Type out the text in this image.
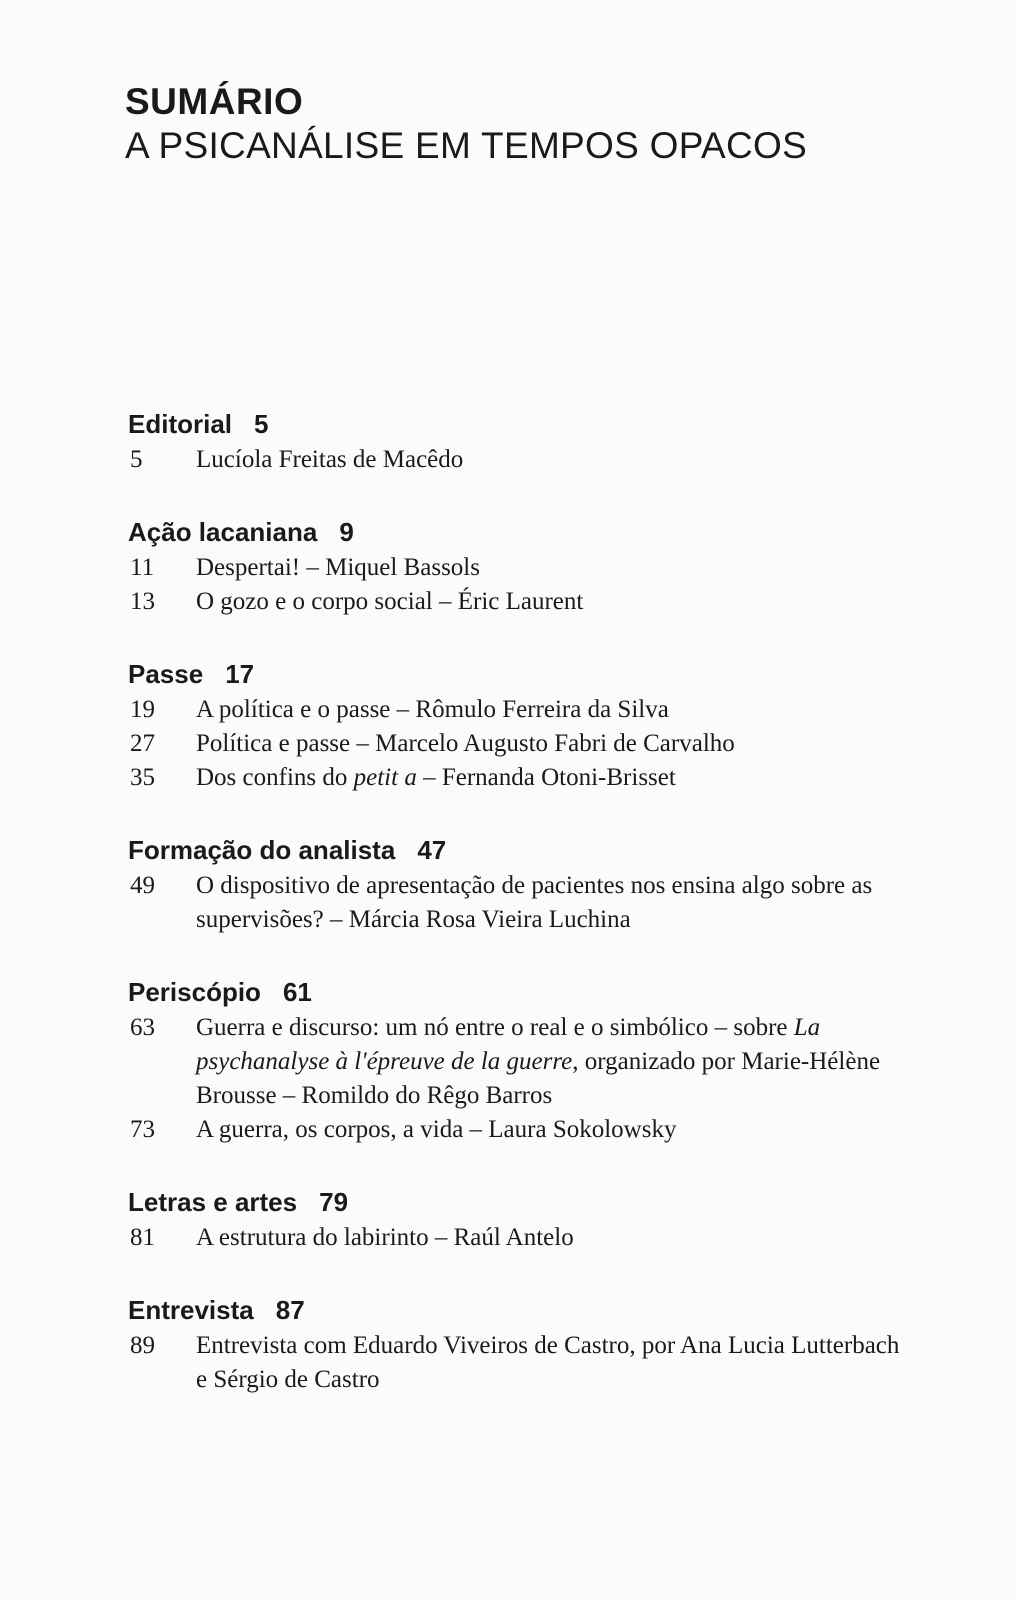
SUMÁRIO
A PSICANÁLISE EM TEMPOS OPACOS
Editorial 5
5	Lucíola Freitas de Macêdo
Ação lacaniana 9
11	Despertai! – Miquel Bassols
13	O gozo e o corpo social – Éric Laurent
Passe 17
19	A política e o passe – Rômulo Ferreira da Silva
27	Política e passe – Marcelo Augusto Fabri de Carvalho
35	Dos confins do petit a – Fernanda Otoni-Brisset
Formação do analista 47
49	O dispositivo de apresentação de pacientes nos ensina algo sobre as supervisões? – Márcia Rosa Vieira Luchina
Periscópio 61
63	Guerra e discurso: um nó entre o real e o simbólico – sobre La psychanalyse à l'épreuve de la guerre, organizado por Marie-Hélène Brousse – Romildo do Rêgo Barros
73	A guerra, os corpos, a vida – Laura Sokolowsky
Letras e artes 79
81	A estrutura do labirinto – Raúl Antelo
Entrevista 87
89	Entrevista com Eduardo Viveiros de Castro, por Ana Lucia Lutterbach e Sérgio de Castro
